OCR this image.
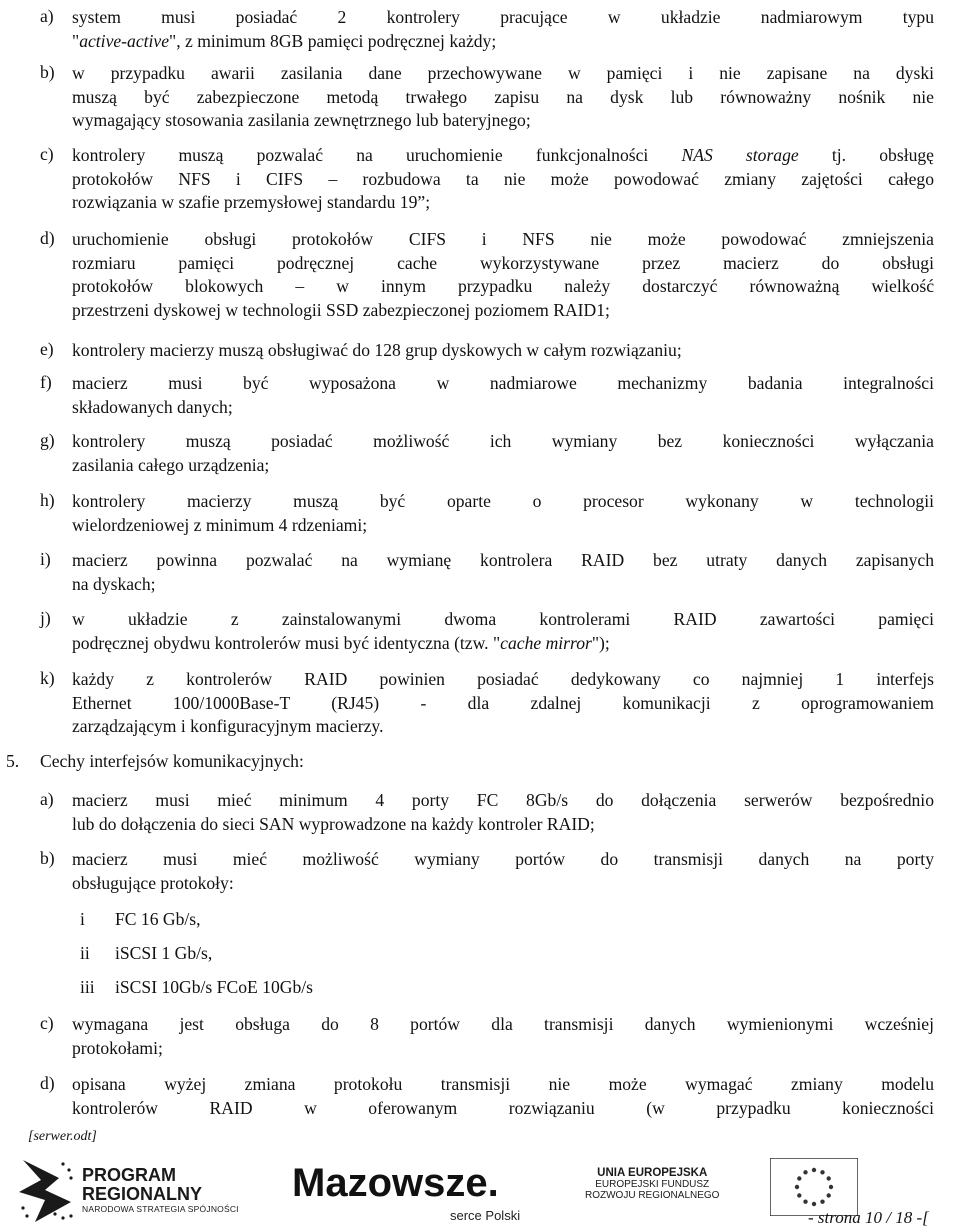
a) system musi posiadać 2 kontrolery pracujące w układzie nadmiarowym typu
"active-active", z minimum 8GB pamięci podręcznej każdy;
b) w przypadku awarii zasilania dane przechowywane w pamięci i nie zapisane na dyski
muszą być zabezpieczone metodą trwałego zapisu na dysk lub równoważny nośnik nie
wymagający stosowania zasilania zewnętrznego lub bateryjnego;
c) kontrolery muszą pozwalać na uruchomienie funkcjonalności NAS storage tj. obsługę
protokołów NFS i CIFS – rozbudowa ta nie może powodować zmiany zajętości całego
rozwiązania w szafie przemysłowej standardu 19”;
d) uruchomienie obsługi protokołów CIFS i NFS nie może powodować zmniejszenia
rozmiaru pamięci podręcznej cache wykorzystywane przez macierz do obsługi
protokołów blokowych – w innym przypadku należy dostarczyć równoważną wielkość
przestrzeni dyskowej w technologii SSD zabezpieczonej poziomem RAID1;
e) kontrolery macierzy muszą obsługiwać do 128 grup dyskowych w całym rozwiązaniu;
f) macierz musi być wyposażona w nadmiarowe mechanizmy badania integralności
składowanych danych;
g) kontrolery muszą posiadać możliwość ich wymiany bez konieczności wyłączania
zasilania całego urządzenia;
h) kontrolery macierzy muszą być oparte o procesor wykonany w technologii
wielordzeniowej z minimum 4 rdzeniami;
i) macierz powinna pozwalać na wymianę kontrolera RAID bez utraty danych zapisanych
na dyskach;
j) w układzie z zainstalowanymi dwoma kontrolerami RAID zawartości pamięci
podręcznej obydwu kontrolerów musi być identyczna (tzw. "cache mirror");
k) każdy z kontrolerów RAID powinien posiadać dedykowany co najmniej 1 interfejs
Ethernet 100/1000Base-T (RJ45) - dla zdalnej komunikacji z oprogramowaniem
zarządzającym i konfiguracyjnym macierzy.
5. Cechy interfejsów komunikacyjnych:
a) macierz musi mieć minimum 4 porty FC 8Gb/s do dołączenia serwerów bezpośrednio
lub do dołączenia do sieci SAN wyprowadzone na każdy kontroler RAID;
b) macierz musi mieć możliwość wymiany portów do transmisji danych na porty
obsługujące protokoły:
i FC 16 Gb/s,
ii iSCSI 1 Gb/s,
iii iSCSI 10Gb/s FCoE 10Gb/s
c) wymagana jest obsługa do 8 portów dla transmisji danych wymienionymi wcześniej
protokołami;
d) opisana wyżej zmiana protokołu transmisji nie może wymagać zmiany modelu
kontrolerów RAID w oferowanym rozwiązaniu (w przypadku konieczności
[serwer.odt]
PROGRAM
REGIONALNY
NARODOWA STRATEGIA SPÓJNOŚCI
Mazowsze.
serce Polski
UNIA EUROPEJSKA
EUROPEJSKI FUNDUSZ
ROZWOJU REGIONALNEGO
- strona 10 / 18 -[
